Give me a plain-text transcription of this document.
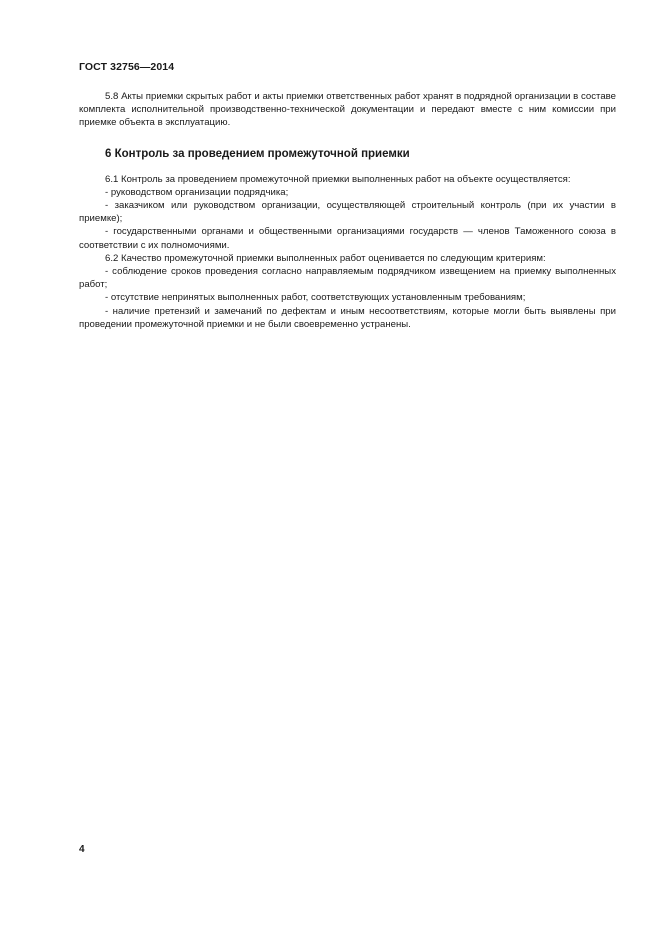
ГОСТ 32756—2014

5.8 Акты приемки скрытых работ и акты приемки ответственных работ хранят в подрядной организации в составе комплекта исполнительной производственно-технической документации и передают вместе с ним комиссии при приемке объекта в эксплуатацию.

6 Контроль за проведением промежуточной приемки

6.1 Контроль за проведением промежуточной приемки выполненных работ на объекте осуществляется:

- руководством организации подрядчика;

- заказчиком или руководством организации, осуществляющей строительный контроль (при их участии в приемке);

- государственными органами и общественными организациями государств — членов Таможенного союза в соответствии с их полномочиями.

6.2 Качество промежуточной приемки выполненных работ оценивается по следующим критериям:

- соблюдение сроков проведения согласно направляемым подрядчиком извещением на приемку выполненных работ;

- отсутствие непринятых выполненных работ, соответствующих установленным требованиям;

- наличие претензий и замечаний по дефектам и иным несоответствиям, которые могли быть выявлены при проведении промежуточной приемки и не были своевременно устранены.

4
